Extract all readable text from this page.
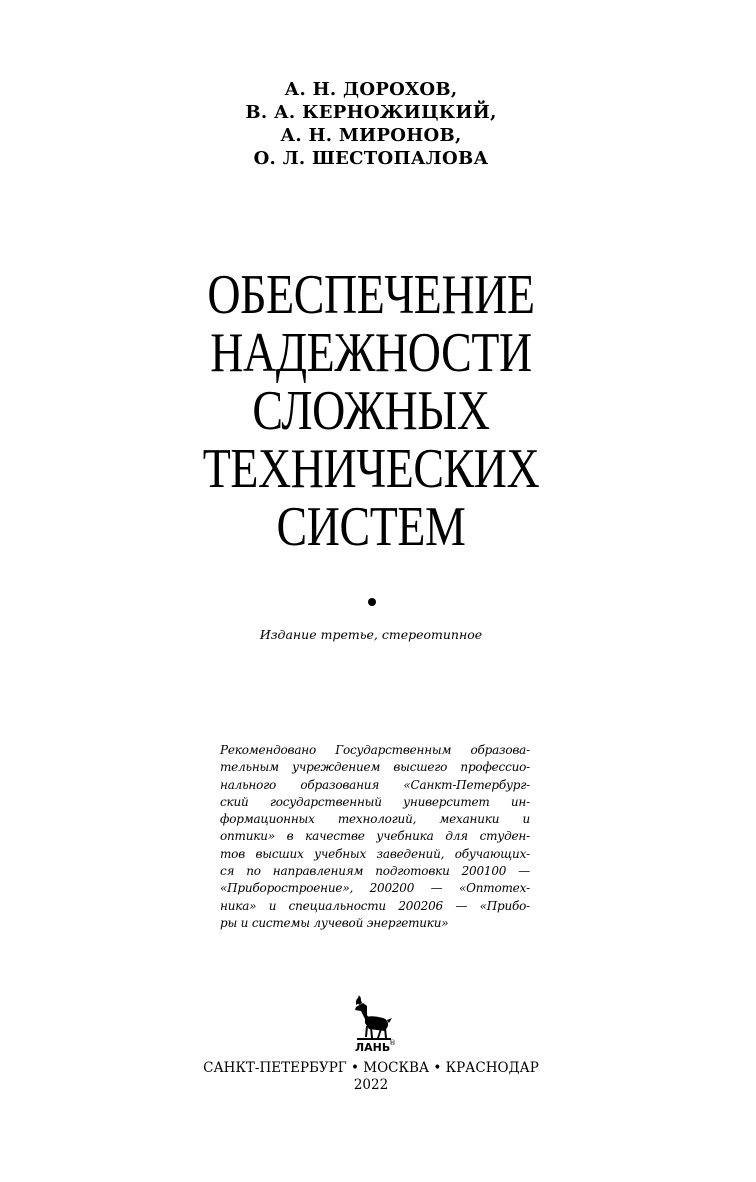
А. Н. ДОРОХОВ,
В. А. КЕРНОЖИЦКИЙ,
А. Н. МИРОНОВ,
О. Л. ШЕСТОПАЛОВА
ОБЕСПЕЧЕНИЕ
НАДЕЖНОСТИ
СЛОЖНЫХ
ТЕХНИЧЕСКИХ
СИСТЕМ
Издание третье, стереотипное
Рекомендовано Государственным образова-
тельным учреждением высшего профессио-
нального образования «Санкт-Петербург-
ский государственный университет ин-
формационных технологий, механики и
оптики» в качестве учебника для студен-
тов высших учебных заведений, обучающих-
ся по направлениям подготовки 200100 —
«Приборостроение», 200200 — «Оптотех-
ника» и специальности 200206 — «Прибо-
ры и системы лучевой энергетики»
ЛАНЬ
®
САНКТ-ПЕТЕРБУРГ • МОСКВА • КРАСНОДАР
2022
